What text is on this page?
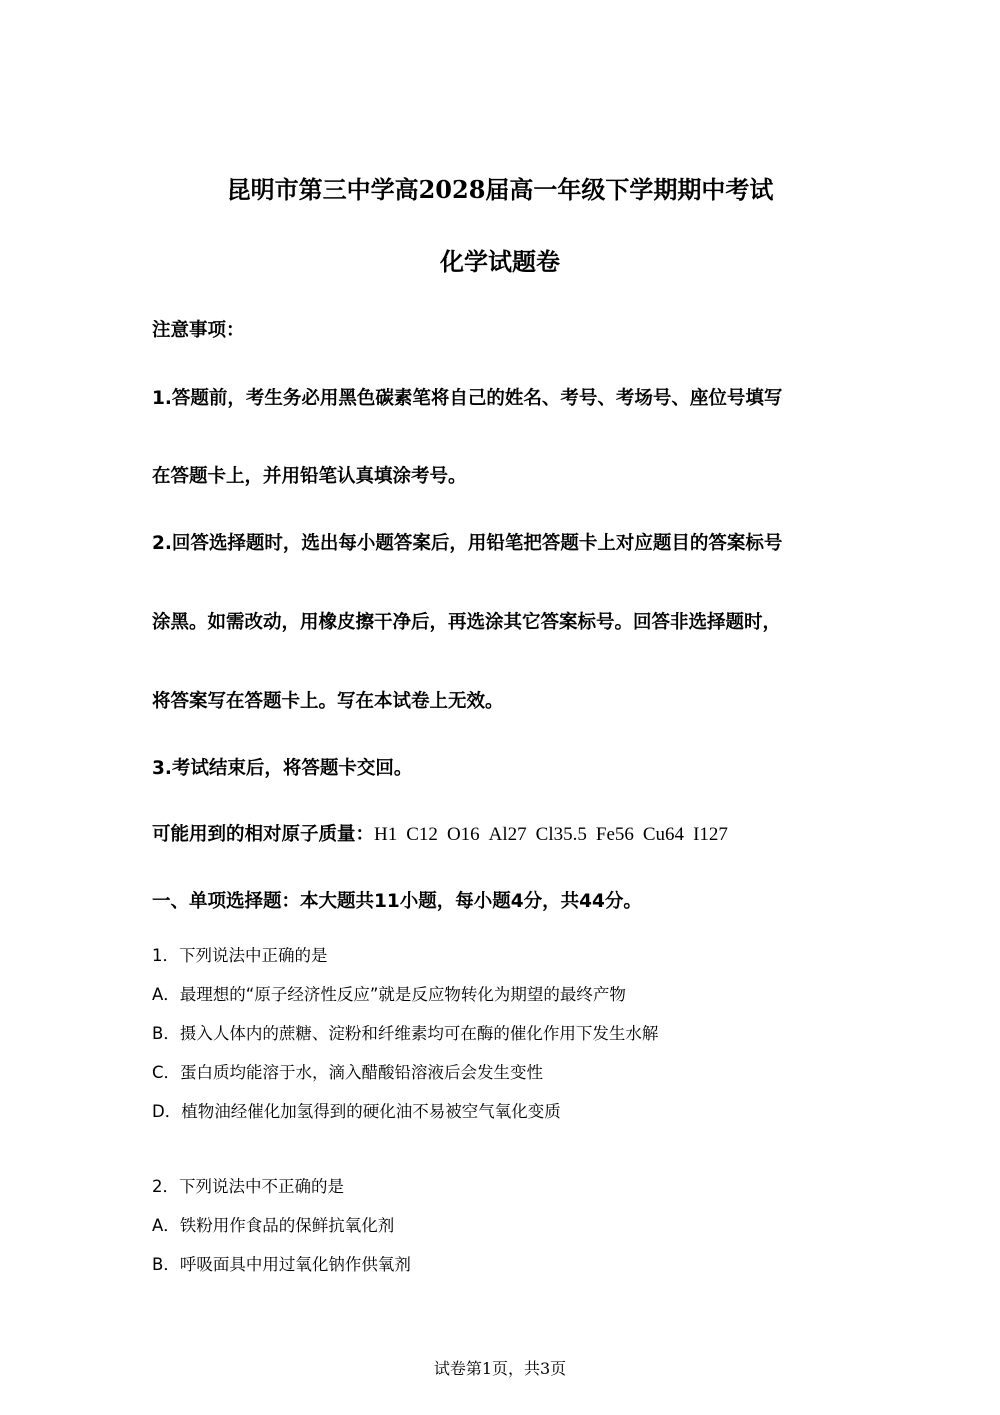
昆明市第三中学高2028届高一年级下学期期中考试
化学试题卷
注意事项：
1.答题前，考生务必用黑色碳素笔将自己的姓名、考号、考场号、座位号填写
在答题卡上，并用铅笔认真填涂考号。
2.回答选择题时，选出每小题答案后，用铅笔把答题卡上对应题目的答案标号
涂黑。如需改动，用橡皮擦干净后，再选涂其它答案标号。回答非选择题时，
将答案写在答题卡上。写在本试卷上无效。
3.考试结束后，将答题卡交回。
可能用到的相对原子质量：H1 C12 O16 Al27 Cl35.5 Fe56 Cu64 I127
一、单项选择题：本大题共11小题，每小题4分，共44分。
1．下列说法中正确的是
A．最理想的“原子经济性反应”就是反应物转化为期望的最终产物
B．摄入人体内的蔗糖、淀粉和纤维素均可在酶的催化作用下发生水解
C．蛋白质均能溶于水，滴入醋酸铅溶液后会发生变性
D．植物油经催化加氢得到的硬化油不易被空气氧化变质
2．下列说法中不正确的是
A．铁粉用作食品的保鲜抗氧化剂
B．呼吸面具中用过氧化钠作供氧剂
试卷第1页，共3页
